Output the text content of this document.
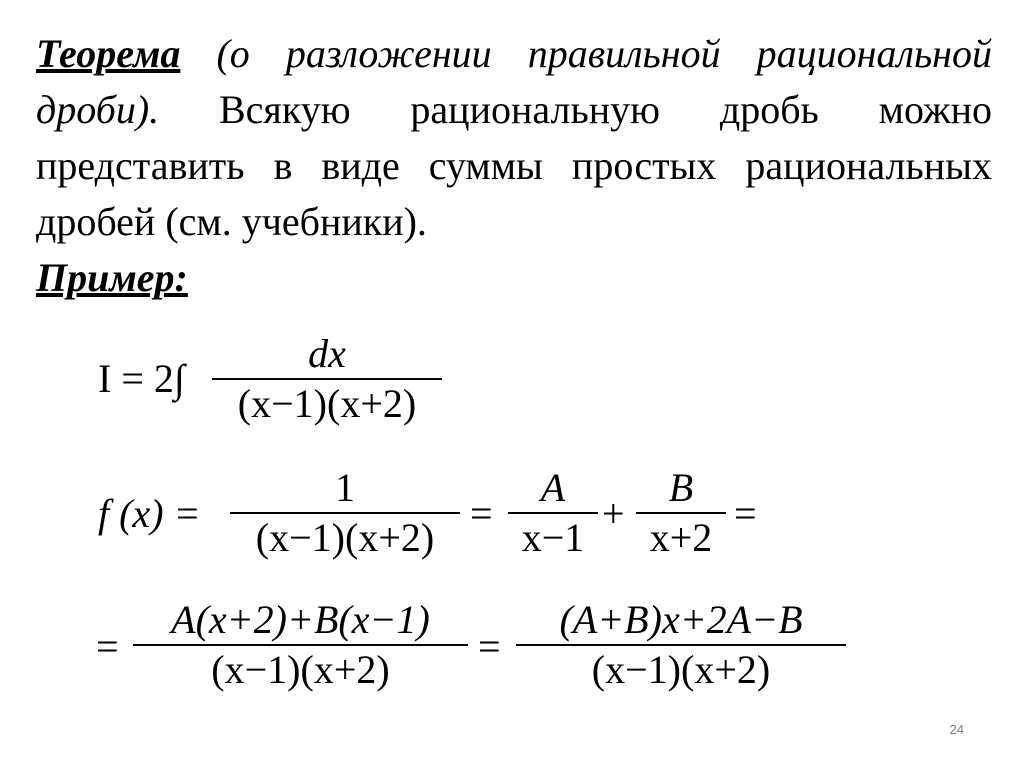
Теорема (о разложении правильной рациональной дроби). Всякую рациональную дробь можно представить в виде суммы простых рациональных дробей (см. учебники).
Пример:
I = 2∫
dx
(x−1)(x+2)
f (x) =
1
(x−1)(x+2)
=
A
x−1
+
B
x+2
=
=
A(x+2)+B(x−1)
(x−1)(x+2)	=
(A+B)x+2A−B
(x−1)(x+2)
24
